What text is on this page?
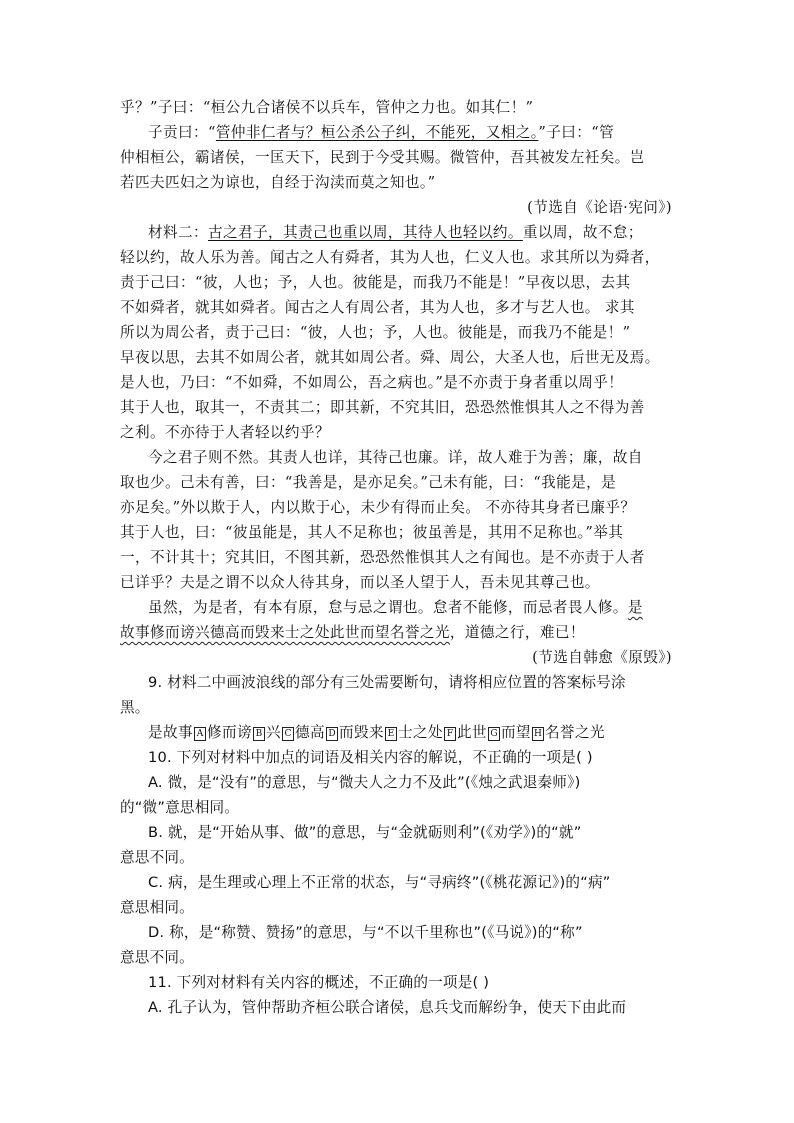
乎？”子曰：“桓公九合诸侯不以兵车，管仲之力也。如其仁！”
子贡曰：“管仲非仁者与？桓公杀公子纠，不能死，又相之。”子曰：“管
仲相桓公，霸诸侯，一匡天下，民到于今受其赐。微管仲，吾其被发左衽矣。岂
若匹夫匹妇之为谅也，自经于沟渎而莫之知也。”
(节选自《论语·宪问》)
材料二：古之君子，其责己也重以周，其待人也轻以约。重以周，故不怠；
轻以约，故人乐为善。闻古之人有舜者，其为人也，仁义人也。求其所以为舜者，
责于己曰：“彼，人也；予，人也。彼能是，而我乃不能是！”早夜以思，去其
不如舜者，就其如舜者。闻古之人有周公者，其为人也，多才与艺人也。 求其
所以为周公者，责于己曰：“彼，人也；予，人也。彼能是，而我乃不能是！”
早夜以思，去其不如周公者，就其如周公者。舜、周公，大圣人也，后世无及焉。
是人也，乃曰：“不如舜，不如周公，吾之病也。”是不亦责于身者重以周乎！
其于人也，取其一，不责其二；即其新，不究其旧，恐恐然惟惧其人之不得为善
之利。不亦待于人者轻以约乎？
今之君子则不然。其责人也详，其待己也廉。详，故人难于为善；廉，故自
取也少。己未有善，曰：“我善是，是亦足矣。”己未有能，曰：“我能是，是
亦足矣。”外以欺于人，内以欺于心，未少有得而止矣。 不亦待其身者已廉乎？
其于人也，曰：“彼虽能是，其人不足称也；彼虽善是，其用不足称也。”举其
一，不计其十；究其旧，不图其新，恐恐然惟惧其人之有闻也。是不亦责于人者
已详乎？夫是之谓不以众人待其身，而以圣人望于人，吾未见其尊己也。
虽然，为是者，有本有原，怠与忌之谓也。怠者不能修，而忌者畏人修。是
故事修而谤兴德高而毁来士之处此世而望名誉之光，道德之行，难已！
(节选自韩愈《原毁》)
9. 材料二中画波浪线的部分有三处需要断句，请将相应位置的答案标号涂
黑。
是故事 A 修而谤 B 兴 C 德高 D 而毁来 E 士之处 F 此世 G 而望 H 名誉之光
10. 下列对材料中加点的词语及相关内容的解说，不正确的一项是( )
A. 微，是“没有”的意思，与“微夫人之力不及此”(《烛之武退秦师》)
的“微”意思相同。
B. 就，是“开始从事、做”的意思，与“金就砺则利”(《劝学》)的“就”
意思不同。
C. 病，是生理或心理上不正常的状态，与“寻病终”(《桃花源记》)的“病”
意思相同。
D. 称，是“称赞、赞扬”的意思，与“不以千里称也”(《马说》)的“称”
意思不同。
11. 下列对材料有关内容的概述，不正确的一项是( )
A. 孔子认为，管仲帮助齐桓公联合诸侯，息兵戈而解纷争，使天下由此而
